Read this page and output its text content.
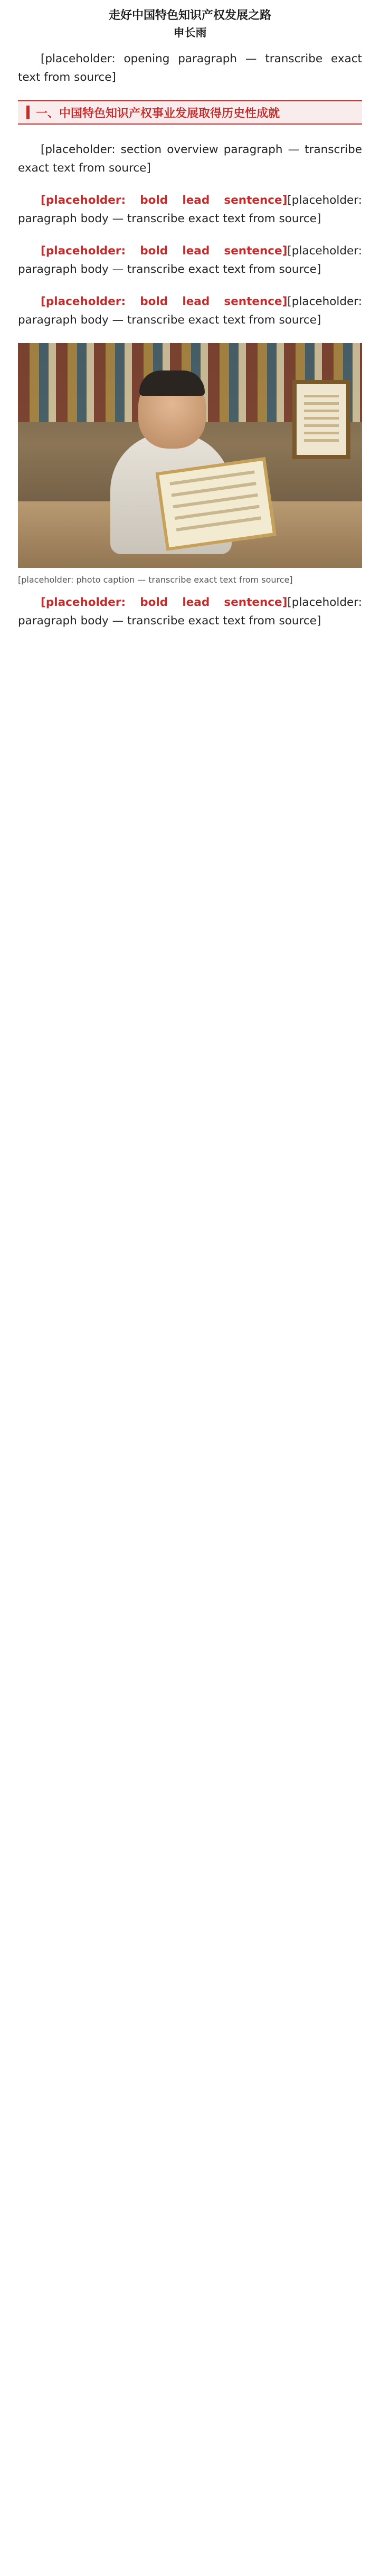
走好中国特色知识产权发展之路
申长雨

[placeholder: opening paragraph — transcribe exact text from source]

一、中国特色知识产权事业发展取得历史性成就

[placeholder: section overview paragraph — transcribe exact text from source]

[placeholder: bold lead sentence][placeholder: paragraph body — transcribe exact text from source]

[placeholder: bold lead sentence][placeholder: paragraph body — transcribe exact text from source]

[placeholder: bold lead sentence][placeholder: paragraph body — transcribe exact text from source]

[placeholder: photo caption — transcribe exact text from source]

[placeholder: bold lead sentence][placeholder: paragraph body — transcribe exact text from source]
